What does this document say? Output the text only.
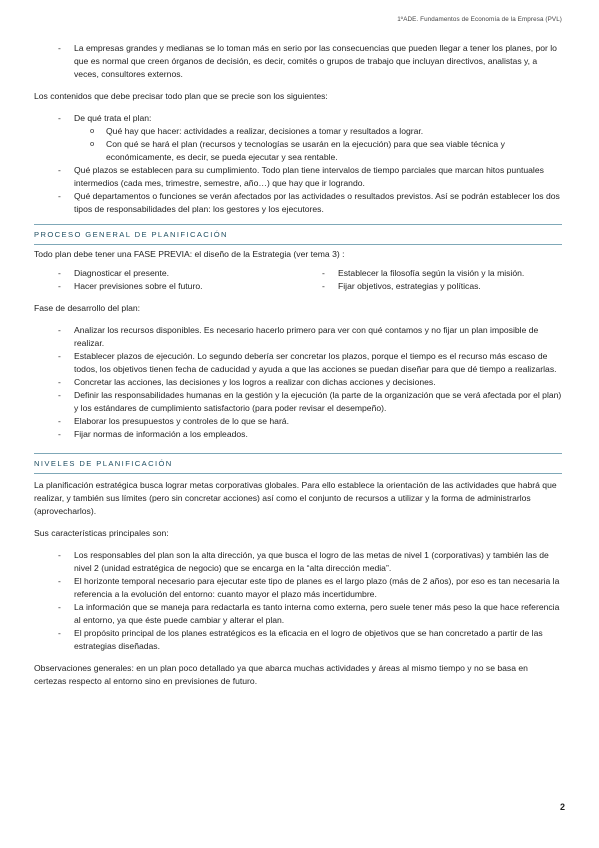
1ºADE. Fundamentos de Economía de la Empresa (PVL)
- La empresas grandes y medianas se lo toman más en serio por las consecuencias que pueden llegar a tener los planes, por lo que es normal que creen órganos de decisión, es decir, comités o grupos de trabajo que incluyan directivos, analistas y, a veces, consultores externos.

Los contenidos que debe precisar todo plan que se precie son los siguientes:

- De qué trata el plan:
o Qué hay que hacer: actividades a realizar, decisiones a tomar y resultados a lograr.
o Con qué se hará el plan (recursos y tecnologías se usarán en la ejecución) para que sea viable técnica y económicamente, es decir, se pueda ejecutar y sea rentable.
- Qué plazos se establecen para su cumplimiento. Todo plan tiene intervalos de tiempo parciales que marcan hitos puntuales intermedios (cada mes, trimestre, semestre, año…) que hay que ir logrando.
- Qué departamentos o funciones se verán afectados por las actividades o resultados previstos. Así se podrán establecer los dos tipos de responsabilidades del plan: los gestores y los ejecutores.
PROCESO GENERAL DE PLANIFICACIÓN

Todo plan debe tener una FASE PREVIA: el diseño de la Estrategia (ver tema 3) :

- Diagnosticar el presente.
- Hacer previsiones sobre el futuro.
- Establecer la filosofía según la visión y la misión.
- Fijar objetivos, estrategias y políticas.

Fase de desarrollo del plan:

- Analizar los recursos disponibles. Es necesario hacerlo primero para ver con qué contamos y no fijar un plan imposible de realizar.
- Establecer plazos de ejecución. Lo segundo debería ser concretar los plazos, porque el tiempo es el recurso más escaso de todos, los objetivos tienen fecha de caducidad y ayuda a que las acciones se puedan diseñar para que dé tiempo a realizarlas.
- Concretar las acciones, las decisiones y los logros a realizar con dichas acciones y decisiones.
- Definir las responsabilidades humanas en la gestión y la ejecución (la parte de la organización que se verá afectada por el plan) y los estándares de cumplimiento satisfactorio (para poder revisar el desempeño).
- Elaborar los presupuestos y controles de lo que se hará.
- Fijar normas de información a los empleados.
NIVELES DE PLANIFICACIÓN

La planificación estratégica busca lograr metas corporativas globales. Para ello establece la orientación de las actividades que habrá que realizar, y también sus límites (pero sin concretar acciones) así como el conjunto de recursos a utilizar y la forma de administrarlos (aprovecharlos).

Sus características principales son:

- Los responsables del plan son la alta dirección, ya que busca el logro de las metas de nivel 1 (corporativas) y también las de nivel 2 (unidad estratégica de negocio) que se encarga en la “alta dirección media”.
- El horizonte temporal necesario para ejecutar este tipo de planes es el largo plazo (más de 2 años), por eso es tan necesaria la referencia a la evolución del entorno: cuanto mayor el plazo más incertidumbre.
- La información que se maneja para redactarla es tanto interna como externa, pero suele tener más peso la que hace referencia al entorno, ya que éste puede cambiar y alterar el plan.
- El propósito principal de los planes estratégicos es la eficacia en el logro de objetivos que se han concretado a partir de las estrategias diseñadas.

Observaciones generales: en un plan poco detallado ya que abarca muchas actividades y áreas al mismo tiempo y no se basa en certezas respecto al entorno sino en previsiones de futuro.

2
